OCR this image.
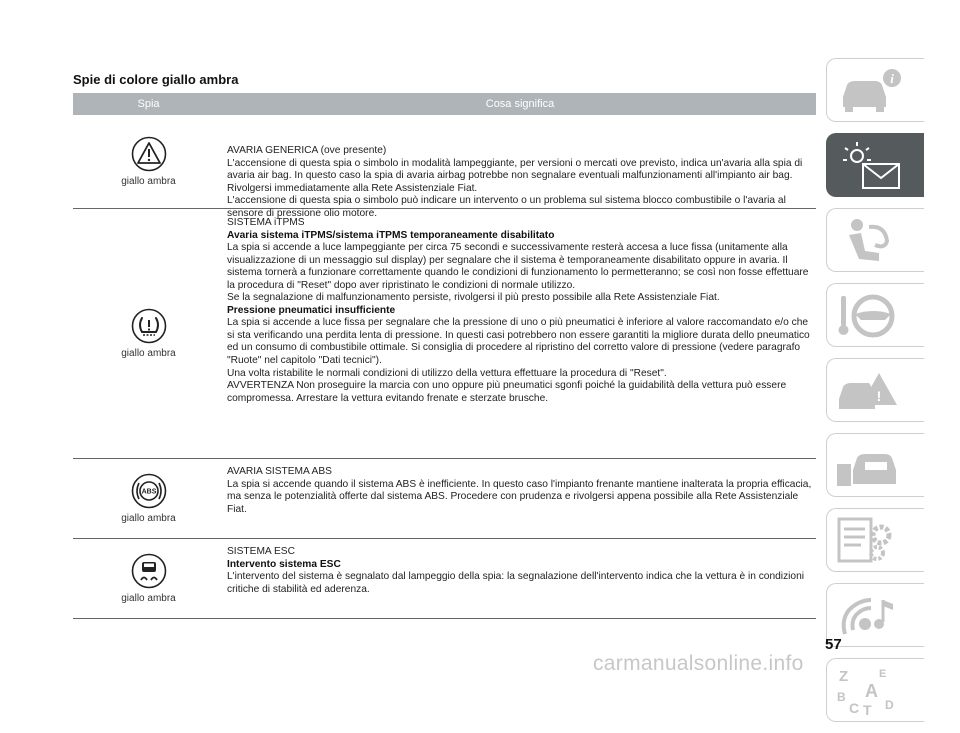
Spie di colore giallo ambra
Spia	Cosa significa
giallo ambra
AVARIA GENERICA (ove presente)
L'accensione di questa spia o simbolo in modalità lampeggiante, per versioni o mercati ove previsto, indica un'avaria alla spia di avaria air bag. In questo caso la spia di avaria airbag potrebbe non segnalare eventuali malfunzionamenti all'impianto air bag. Rivolgersi immediatamente alla Rete Assistenziale Fiat.
L'accensione di questa spia o simbolo può indicare un intervento o un problema sul sistema blocco combustibile o l'avaria al sensore di pressione olio motore.
giallo ambra
SISTEMA iTPMS
Avaria sistema iTPMS/sistema iTPMS temporaneamente disabilitato
La spia si accende a luce lampeggiante per circa 75 secondi e successivamente resterà accesa a luce fissa (unitamente alla visualizzazione di un messaggio sul display) per segnalare che il sistema è temporaneamente disabilitato oppure in avaria. Il sistema tornerà a funzionare correttamente quando le condizioni di funzionamento lo permetteranno; se così non fosse effettuare la procedura di "Reset" dopo aver ripristinato le condizioni di normale utilizzo.
Se la segnalazione di malfunzionamento persiste, rivolgersi il più presto possibile alla Rete Assistenziale Fiat.
Pressione pneumatici insufficiente
La spia si accende a luce fissa per segnalare che la pressione di uno o più pneumatici è inferiore al valore raccomandato e/o che si sta verificando una perdita lenta di pressione. In questi casi potrebbero non essere garantiti la migliore durata dello pneumatico ed un consumo di combustibile ottimale. Si consiglia di procedere al ripristino del corretto valore di pressione (vedere paragrafo "Ruote" nel capitolo "Dati tecnici").
Una volta ristabilite le normali condizioni di utilizzo della vettura effettuare la procedura di "Reset".
AVVERTENZA Non proseguire la marcia con uno oppure più pneumatici sgonfi poiché la guidabilità della vettura può essere compromessa. Arrestare la vettura evitando frenate e sterzate brusche.
ABS
giallo ambra
AVARIA SISTEMA ABS
La spia si accende quando il sistema ABS è inefficiente. In questo caso l'impianto frenante mantiene inalterata la propria efficacia, ma senza le potenzialità offerte dal sistema ABS. Procedere con prudenza e rivolgersi appena possibile alla Rete Assistenziale Fiat.
giallo ambra
SISTEMA ESC
Intervento sistema ESC
L'intervento del sistema è segnalato dal lampeggio della spia: la segnalazione dell'intervento indica che la vettura è in condizioni critiche di stabilità ed aderenza.
i
!
Z	E
B A
C T D
57
carmanualsonline.info
